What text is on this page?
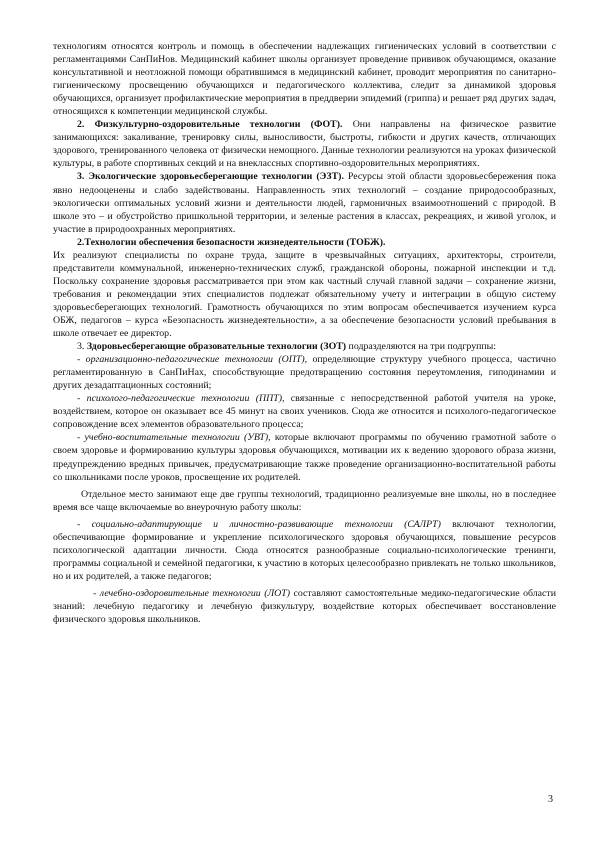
технологиям относятся контроль и помощь в обеспечении надлежащих гигиенических условий в соответствии с регламентациями СанПиНов. Медицинский кабинет школы организует проведение прививок обучающимся, оказание консультативной и неотложной помощи обратившимся в медицинский кабинет, проводит мероприятия по санитарно-гигиеническому просвещению обучающихся и педагогического коллектива, следит за динамикой здоровья обучающихся, организует профилактические мероприятия в преддверии эпидемий (гриппа) и решает ряд других задач, относящихся к компетенции медицинской службы.

2. Физкультурно-оздоровительные технологии (ФОТ). Они направлены на физическое развитие занимающихся: закаливание, тренировку силы, выносливости, быстроты, гибкости и других качеств, отличающих здорового, тренированного человека от физически немощного. Данные технологии реализуются на уроках физической культуры, в работе спортивных секций и на внеклассных спортивно-оздоровительных мероприятиях.

3. Экологические здоровьесберегающие технологии (ЭЗТ). Ресурсы этой области здоровьесбережения пока явно недооценены и слабо задействованы. Направленность этих технологий – создание природосообразных, экологически оптимальных условий жизни и деятельности людей, гармоничных взаимоотношений с природой. В школе это – и обустройство пришкольной территории, и зеленые растения в классах, рекреациях, и живой уголок, и участие в природоохранных мероприятиях.

2.Технологии обеспечения безопасности жизнедеятельности (ТОБЖ).

Их реализуют специалисты по охране труда, защите в чрезвычайных ситуациях, архитекторы, строители, представители коммунальной, инженерно-технических служб, гражданской обороны, пожарной инспекции и т.д. Поскольку сохранение здоровья рассматривается при этом как частный случай главной задачи – сохранение жизни, требования и рекомендации этих специалистов подлежат обязательному учету и интеграции в общую систему здоровьесберегающих технологий. Грамотность обучающихся по этим вопросам обеспечивается изучением курса ОБЖ, педагогов – курса «Безопасность жизнедеятельности», а за обеспечение безопасности условий пребывания в школе отвечает ее директор.

3. Здоровьесберегающие образовательные технологии (ЗОТ) подразделяются на три подгруппы:

- организационно-педагогические технологии (ОПТ), определяющие структуру учебного процесса, частично регламентированную в СанПиНах, способствующие предотвращению состояния переутомления, гиподинамии и других дезадаптационных состояний;

- психолого-педагогические технологии (ППТ), связанные с непосредственной работой учителя на уроке, воздействием, которое он оказывает все 45 минут на своих учеников. Сюда же относится и психолого-педагогическое сопровождение всех элементов образовательного процесса;

- учебно-воспитательные технологии (УВТ), которые включают программы по обучению грамотной заботе о своем здоровье и формированию культуры здоровья обучающихся, мотивации их к ведению здорового образа жизни, предупреждению вредных привычек, предусматривающие также проведение организационно-воспитательной работы со школьниками после уроков, просвещение их родителей.

Отдельное место занимают еще две группы технологий, традиционно реализуемые вне школы, но в последнее время все чаще включаемые во внеурочную работу школы:

- социально-адаптирующие и личностно-развивающие технологии (САЛРТ) включают технологии, обеспечивающие формирование и укрепление психологического здоровья обучающихся, повышение ресурсов психологической адаптации личности. Сюда относятся разнообразные социально-психологические тренинги, программы социальной и семейной педагогики, к участию в которых целесообразно привлекать не только школьников, но и их родителей, а также педагогов;

- лечебно-оздоровительные технологии (ЛОТ) составляют самостоятельные медико-педагогические области знаний: лечебную педагогику и лечебную физкультуру, воздействие которых обеспечивает восстановление физического здоровья школьников.

3
